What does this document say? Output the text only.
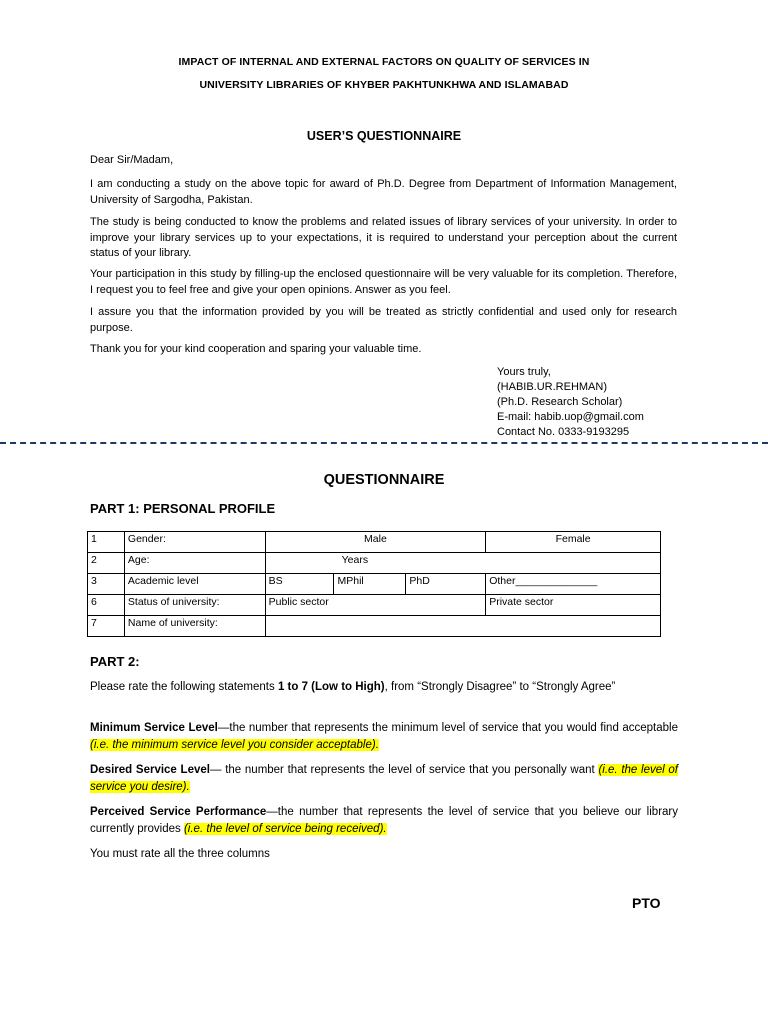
IMPACT OF INTERNAL AND EXTERNAL FACTORS ON QUALITY OF SERVICES IN
UNIVERSITY LIBRARIES OF KHYBER PAKHTUNKHWA AND ISLAMABAD
USER’S QUESTIONNAIRE
Dear Sir/Madam,
I am conducting a study on the above topic for award of Ph.D. Degree from Department of Information Management, University of Sargodha, Pakistan.
The study is being conducted to know the problems and related issues of library services of your university. In order to improve your library services up to your expectations, it is required to understand your perception about the current status of your library.
Your participation in this study by filling-up the enclosed questionnaire will be very valuable for its completion. Therefore, I request you to feel free and give your open opinions. Answer as you feel.
I assure you that the information provided by you will be treated as strictly confidential and used only for research purpose.
Thank you for your kind cooperation and sparing your valuable time.
Yours truly,
(HABIB.UR.REHMAN)
(Ph.D. Research Scholar)
E-mail: habib.uop@gmail.com
Contact No. 0333-9193295
QUESTIONNAIRE
PART 1: PERSONAL PROFILE
1	Gender:	Male			Female
2	Age:	Years			
3	Academic level	BS	MPhil	PhD	Other______________
6	Status of university:	Public sector			Private sector
7	Name of university:				
PART 2:
Please rate the following statements 1 to 7 (Low to High), from “Strongly Disagree” to “Strongly Agree”
Minimum Service Level—the number that represents the minimum level of service that you would find acceptable (i.e. the minimum service level you consider acceptable).
Desired Service Level— the number that represents the level of service that you personally want (i.e. the level of service you desire).
Perceived Service Performance—the number that represents the level of service that you believe our library currently provides (i.e. the level of service being received).
You must rate all the three columns
PTO
